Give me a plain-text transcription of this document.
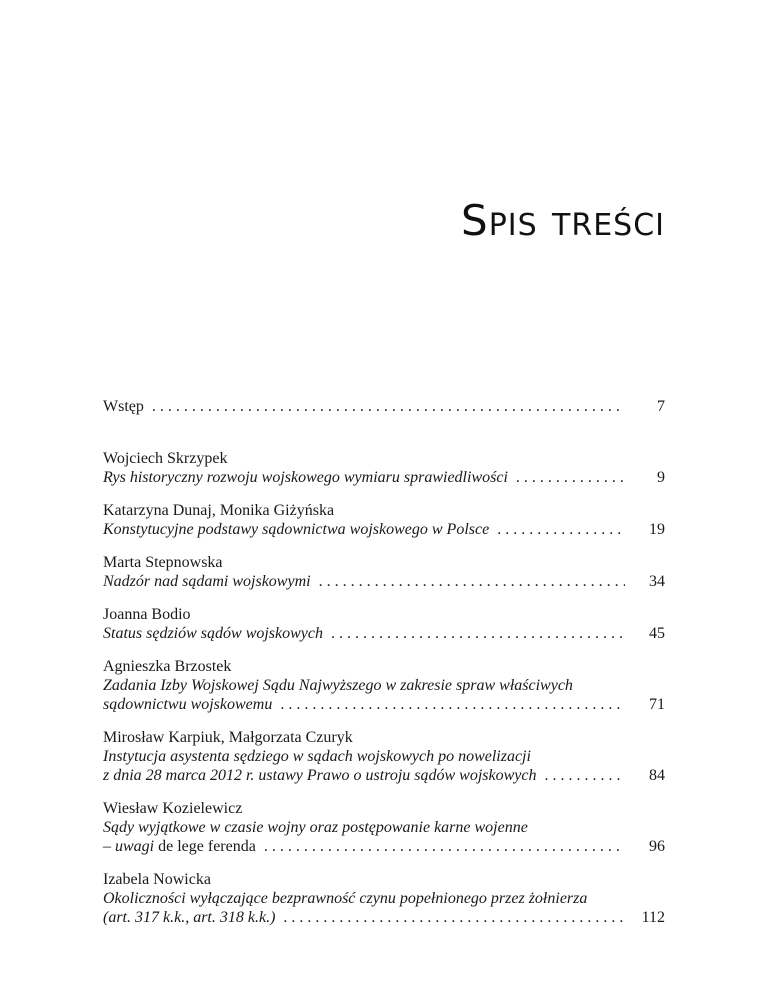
SPIS TREŚCI
Wstęp . . .	7
Wojciech Skrzypek
Rys historyczny rozwoju wojskowego wymiaru sprawiedliwości . . .	9
Katarzyna Dunaj, Monika Giżyńska
Konstytucyjne podstawy sądownictwa wojskowego w Polsce . . .	19
Marta Stepnowska
Nadzór nad sądami wojskowymi . . .	34
Joanna Bodio
Status sędziów sądów wojskowych . . .	45
Agnieszka Brzostek
Zadania Izby Wojskowej Sądu Najwyższego w zakresie spraw właściwych
sądownictwu wojskowemu . . .	71
Mirosław Karpiuk, Małgorzata Czuryk
Instytucja asystenta sędziego w sądach wojskowych po nowelizacji
z dnia 28 marca 2012 r. ustawy Prawo o ustroju sądów wojskowych . . .	84
Wiesław Kozielewicz
Sądy wyjątkowe w czasie wojny oraz postępowanie karne wojenne
– uwagi de lege ferenda . . .	96
Izabela Nowicka
Okoliczności wyłączające bezprawność czynu popełnionego przez żołnierza
(art. 317 k.k., art. 318 k.k.) . . .	112
